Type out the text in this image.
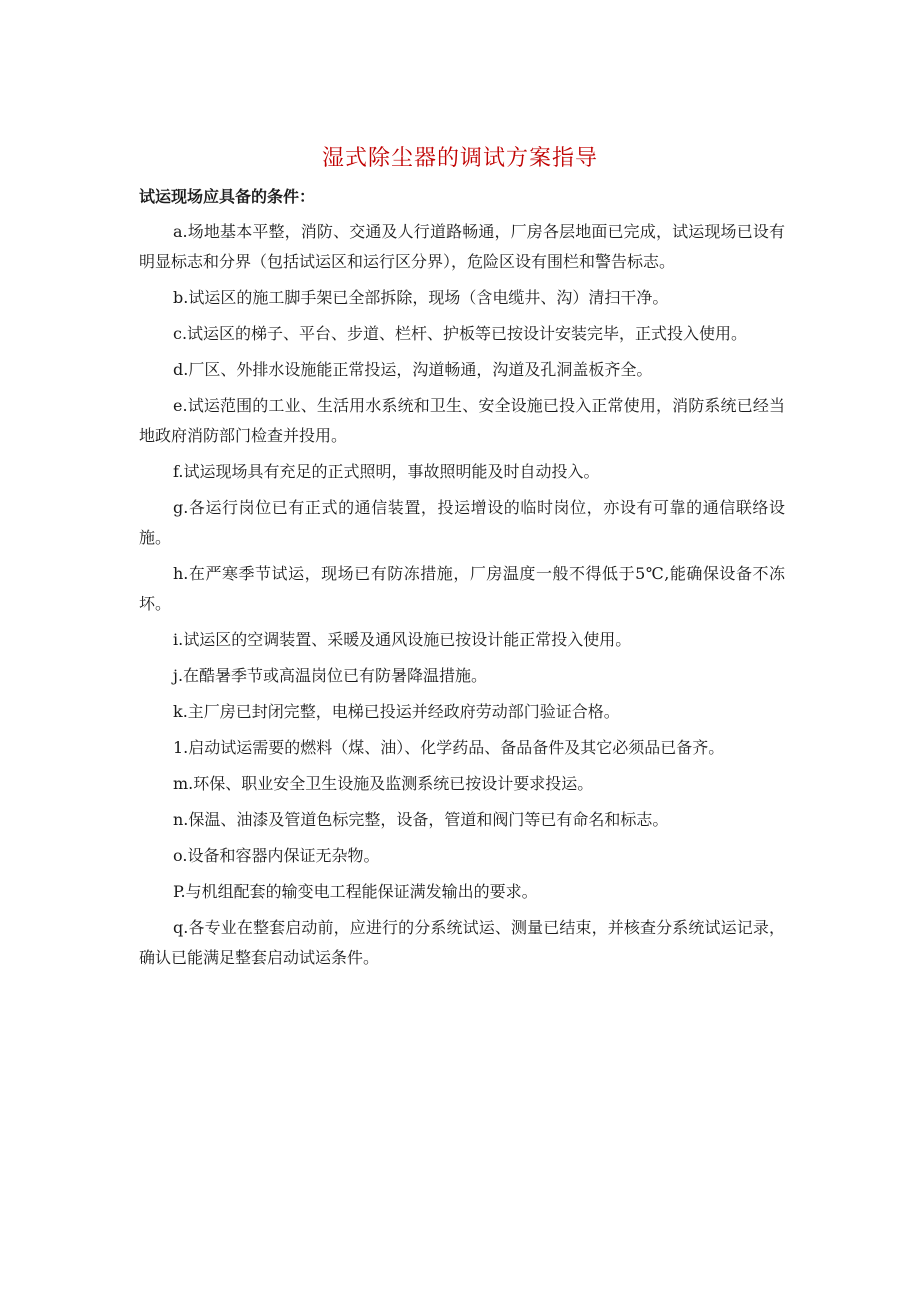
湿式除尘器的调试方案指导
试运现场应具备的条件：
a.场地基本平整，消防、交通及人行道路畅通，厂房各层地面已完成，试运现场已设有明显标志和分界（包括试运区和运行区分界），危险区设有围栏和警告标志。
b.试运区的施工脚手架已全部拆除，现场（含电缆井、沟）清扫干净。
c.试运区的梯子、平台、步道、栏杆、护板等已按设计安装完毕，正式投入使用。
d.厂区、外排水设施能正常投运，沟道畅通，沟道及孔洞盖板齐全。
e.试运范围的工业、生活用水系统和卫生、安全设施已投入正常使用，消防系统已经当地政府消防部门检查并投用。
f.试运现场具有充足的正式照明，事故照明能及时自动投入。
g.各运行岗位已有正式的通信装置，投运增设的临时岗位，亦设有可靠的通信联络设施。
h.在严寒季节试运，现场已有防冻措施，厂房温度一般不得低于5℃,能确保设备不冻坏。
i.试运区的空调装置、采暖及通风设施已按设计能正常投入使用。
j.在酷暑季节或高温岗位已有防暑降温措施。
k.主厂房已封闭完整，电梯已投运并经政府劳动部门验证合格。
1.启动试运需要的燃料（煤、油）、化学药品、备品备件及其它必须品已备齐。
m.环保、职业安全卫生设施及监测系统已按设计要求投运。
n.保温、油漆及管道色标完整，设备，管道和阀门等已有命名和标志。
o.设备和容器内保证无杂物。
P.与机组配套的输变电工程能保证满发输出的要求。
q.各专业在整套启动前，应进行的分系统试运、测量已结束，并核查分系统试运记录，确认已能满足整套启动试运条件。
